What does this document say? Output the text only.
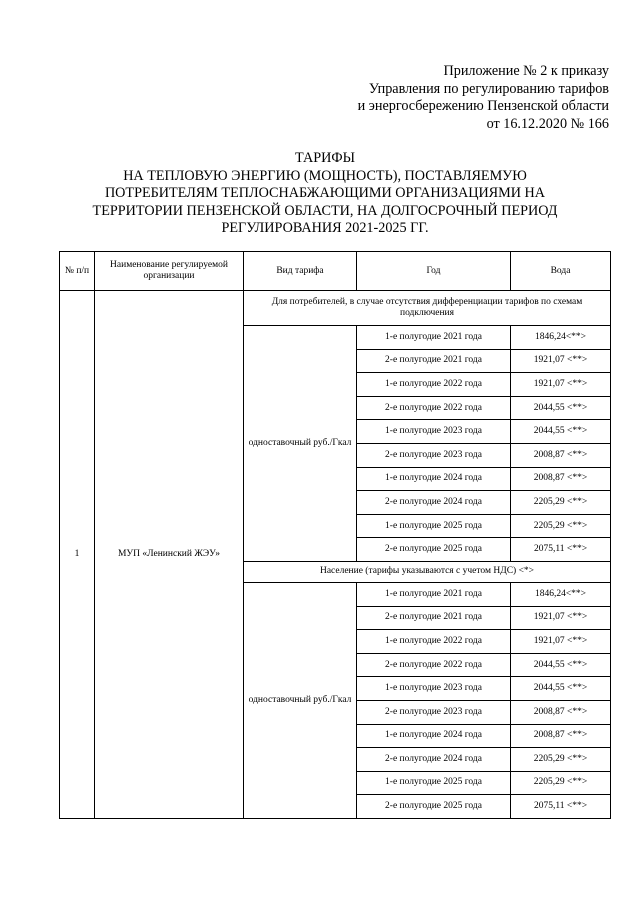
Приложение № 2 к приказу
Управления по регулированию тарифов
и энергосбережению Пензенской области
от 16.12.2020 № 166
ТАРИФЫ
НА ТЕПЛОВУЮ ЭНЕРГИЮ (МОЩНОСТЬ), ПОСТАВЛЯЕМУЮ
ПОТРЕБИТЕЛЯМ ТЕПЛОСНАБЖАЮЩИМИ ОРГАНИЗАЦИЯМИ НА
ТЕРРИТОРИИ ПЕНЗЕНСКОЙ ОБЛАСТИ, НА ДОЛГОСРОЧНЫЙ ПЕРИОД
РЕГУЛИРОВАНИЯ 2021-2025 ГГ.
№ п/п	Наименование регулируемой организации	Вид тарифа	Год	Вода
1	МУП «Ленинский ЖЭУ»	Для потребителей, в случае отсутствия дифференциации тарифов по схемам подключения		
		одноставочный руб./Гкал	1-е полугодие 2021 года	1846,24<**>
			2-е полугодие 2021 года	1921,07 <**>
			1-е полугодие 2022 года	1921,07 <**>
			2-е полугодие 2022 года	2044,55 <**>
			1-е полугодие 2023 года	2044,55 <**>
			2-е полугодие 2023 года	2008,87 <**>
			1-е полугодие 2024 года	2008,87 <**>
			2-е полугодие 2024 года	2205,29 <**>
			1-е полугодие 2025 года	2205,29 <**>
			2-е полугодие 2025 года	2075,11 <**>
		Население (тарифы указываются с учетом НДС) <*>		
		одноставочный руб./Гкал	1-е полугодие 2021 года	1846,24<**>
			2-е полугодие 2021 года	1921,07 <**>
			1-е полугодие 2022 года	1921,07 <**>
			2-е полугодие 2022 года	2044,55 <**>
			1-е полугодие 2023 года	2044,55 <**>
			2-е полугодие 2023 года	2008,87 <**>
			1-е полугодие 2024 года	2008,87 <**>
			2-е полугодие 2024 года	2205,29 <**>
			1-е полугодие 2025 года	2205,29 <**>
			2-е полугодие 2025 года	2075,11 <**>
